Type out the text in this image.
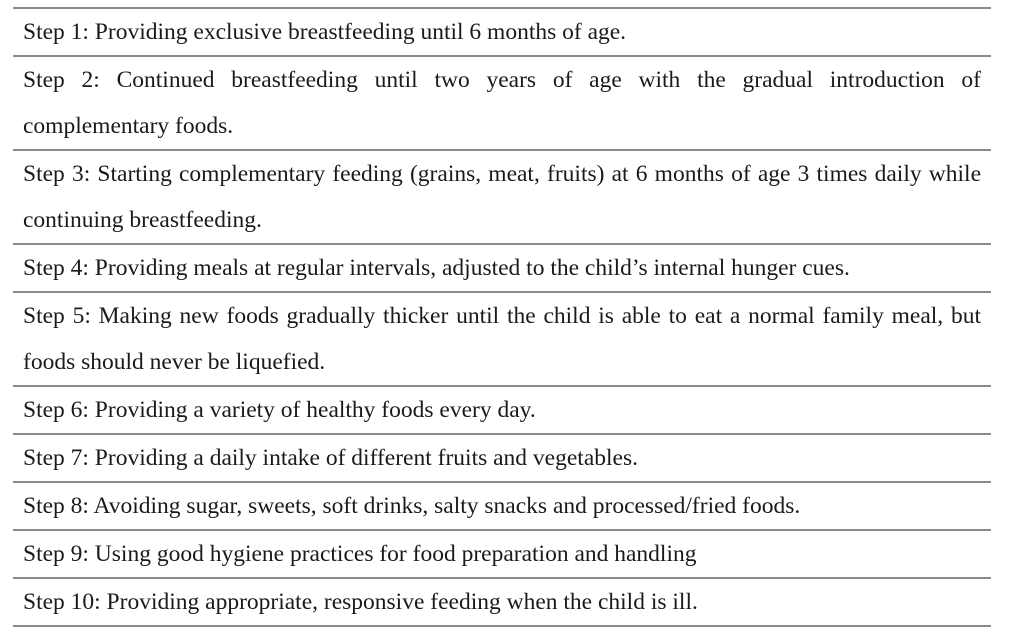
Step 1: Providing exclusive breastfeeding until 6 months of age.
Step 2: Continued breastfeeding until two years of age with the gradual introduction of complementary foods.
Step 3: Starting complementary feeding (grains, meat, fruits) at 6 months of age 3 times daily while continuing breastfeeding.
Step 4: Providing meals at regular intervals, adjusted to the child’s internal hunger cues.
Step 5: Making new foods gradually thicker until the child is able to eat a normal family meal, but foods should never be liquefied.
Step 6: Providing a variety of healthy foods every day.
Step 7: Providing a daily intake of different fruits and vegetables.
Step 8: Avoiding sugar, sweets, soft drinks, salty snacks and processed/fried foods.
Step 9: Using good hygiene practices for food preparation and handling
Step 10: Providing appropriate, responsive feeding when the child is ill.
